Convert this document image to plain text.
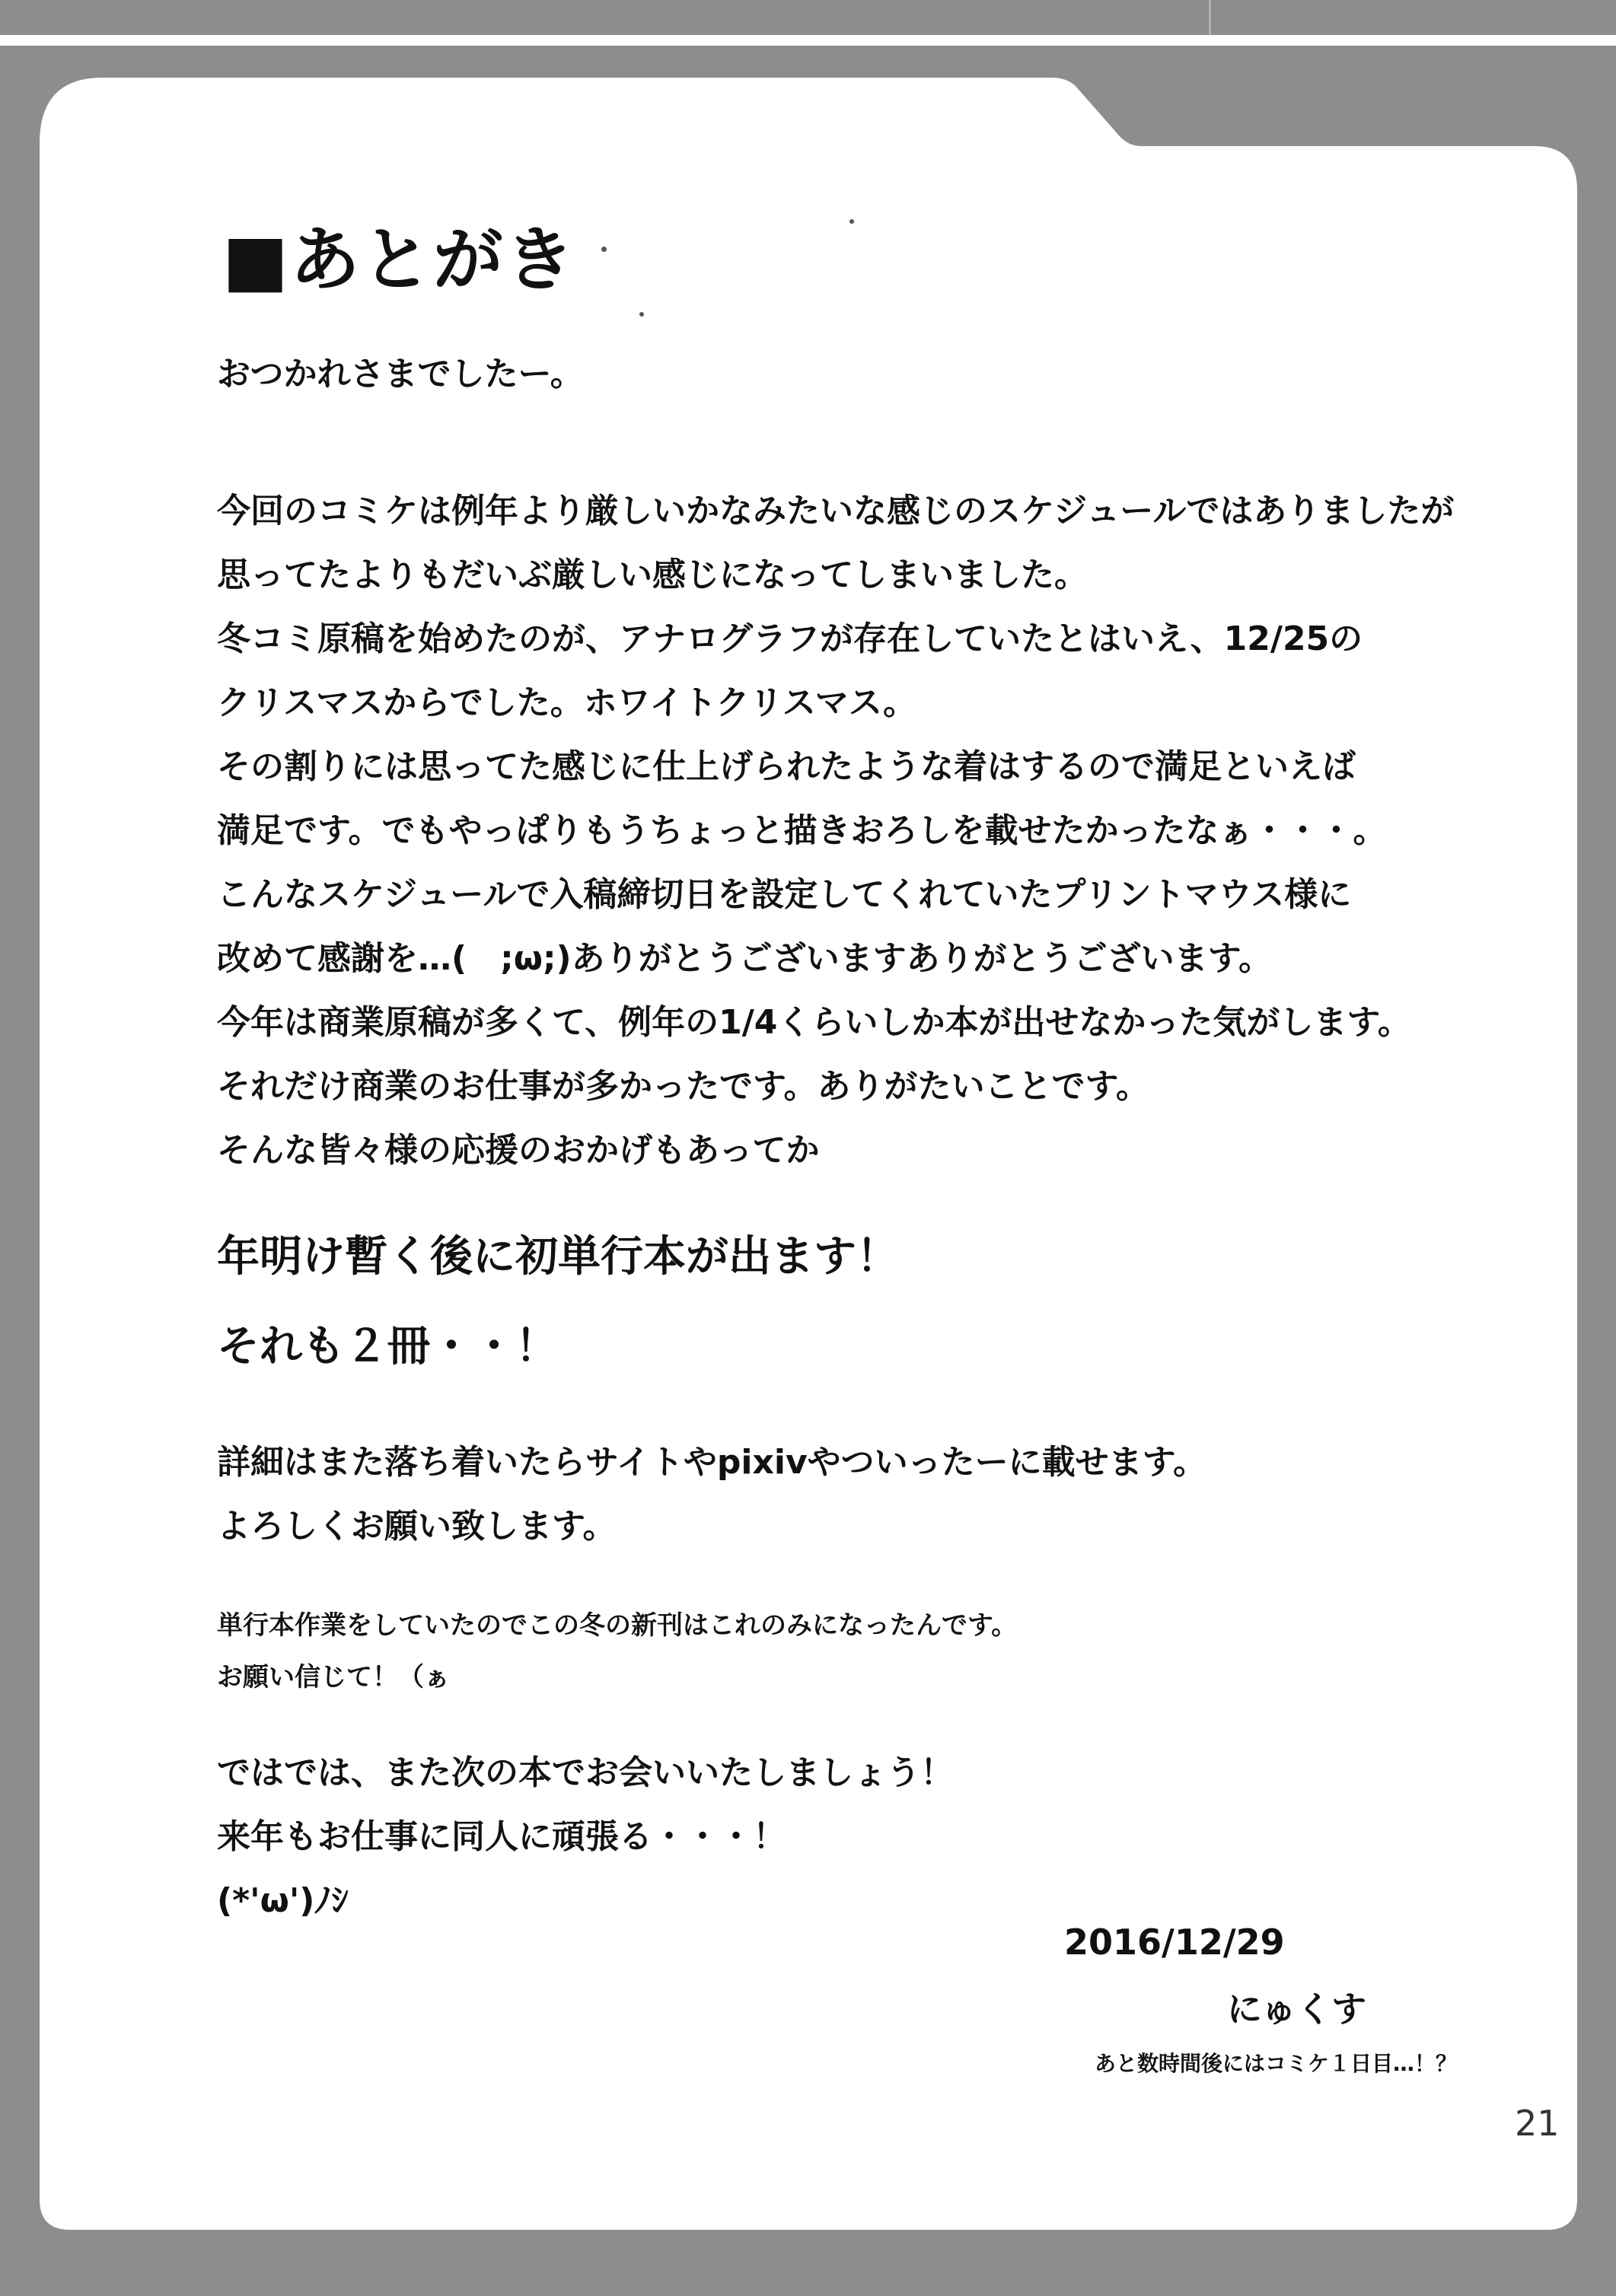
■あとがき
おつかれさまでしたー。
今回のコミケは例年より厳しいかなみたいな感じのスケジュールではありましたが
思ってたよりもだいぶ厳しい感じになってしまいました。
冬コミ原稿を始めたのが、アナログラフが存在していたとはいえ、12/25の
クリスマスからでした。ホワイトクリスマス。
その割りには思ってた感じに仕上げられたような着はするので満足といえば
満足です。でもやっぱりもうちょっと描きおろしを載せたかったなぁ・・・。
こんなスケジュールで入稿締切日を設定してくれていたプリントマウス様に
改めて感謝を…(　;ω;)ありがとうございますありがとうございます。
今年は商業原稿が多くて、例年の1/4くらいしか本が出せなかった気がします。
それだけ商業のお仕事が多かったです。ありがたいことです。
そんな皆々様の応援のおかげもあってか
年明け暫く後に初単行本が出ます！
それも２冊・・！
詳細はまた落ち着いたらサイトやpixivやついったーに載せます。
よろしくお願い致します。
単行本作業をしていたのでこの冬の新刊はこれのみになったんです。
お願い信じて！（ぁ
ではでは、また次の本でお会いいたしましょう！
来年もお仕事に同人に頑張る・・・！
(*'ω')ﾉｼ
2016/12/29
にゅくす
あと数時間後にはコミケ１日目…！？
21
